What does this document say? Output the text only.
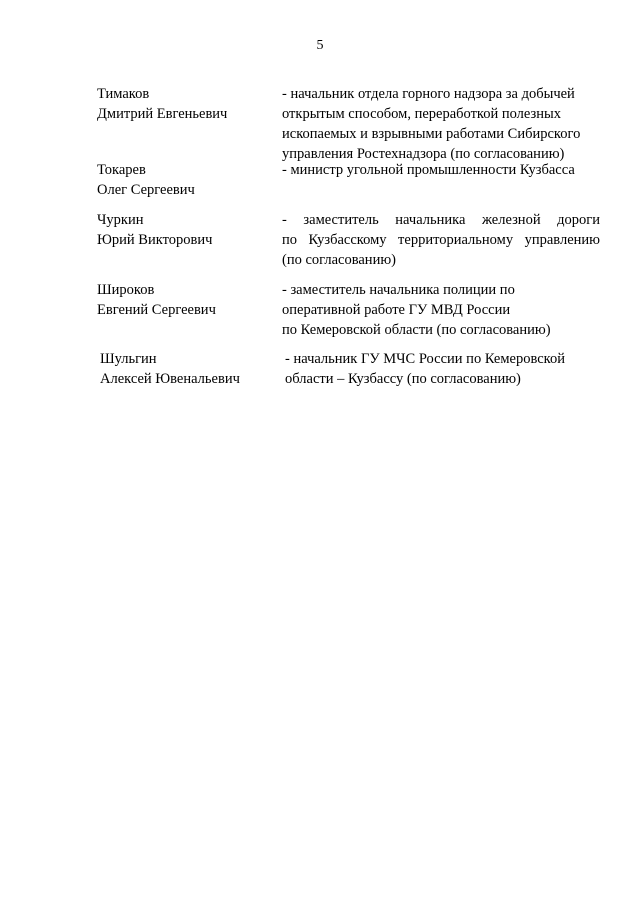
5
Тимаков
Дмитрий Евгеньевич
- начальник отдела горного надзора за добычей
открытым способом, переработкой полезных
ископаемых и взрывными работами Сибирского
управления Ростехнадзора (по согласованию)
Токарев
Олег Сергеевич
- министр угольной промышленности Кузбасса
Чуркин
Юрий Викторович
- заместитель начальника железной дороги
по Кузбасскому территориальному управлению
(по согласованию)
Широков
Евгений Сергеевич
- заместитель начальника полиции по
оперативной работе ГУ МВД России
по Кемеровской области (по согласованию)
Шульгин
Алексей Ювенальевич
- начальник ГУ МЧС России по Кемеровской
области – Кузбассу (по согласованию)
